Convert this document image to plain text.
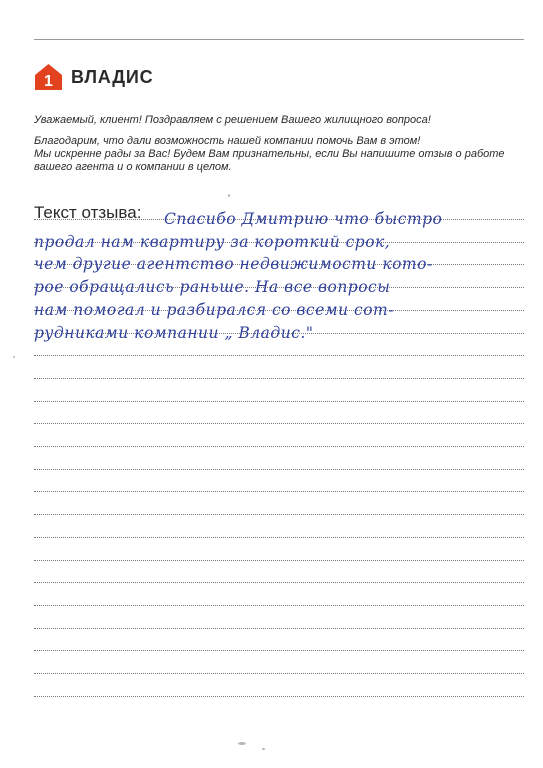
1 ВЛАДИС

Уважаемый, клиент! Поздравляем с решением Вашего жилищного вопроса!

Благодарим, что дали возможность нашей компании помочь Вам в этом!

Мы искренне рады за Вас! Будем Вам признательны, если Вы напишите отзыв о работе

вашего агента и о компании в целом.

Текст отзыва:	Спасибо Дмитрию что быстро
продал нам квартиру за короткий срок,
чем другие агентство недвижимости кото-
рое обращались раньше. На все вопросы
нам помогал и разбирался со всеми сот-
рудниками компании „ Владис."
